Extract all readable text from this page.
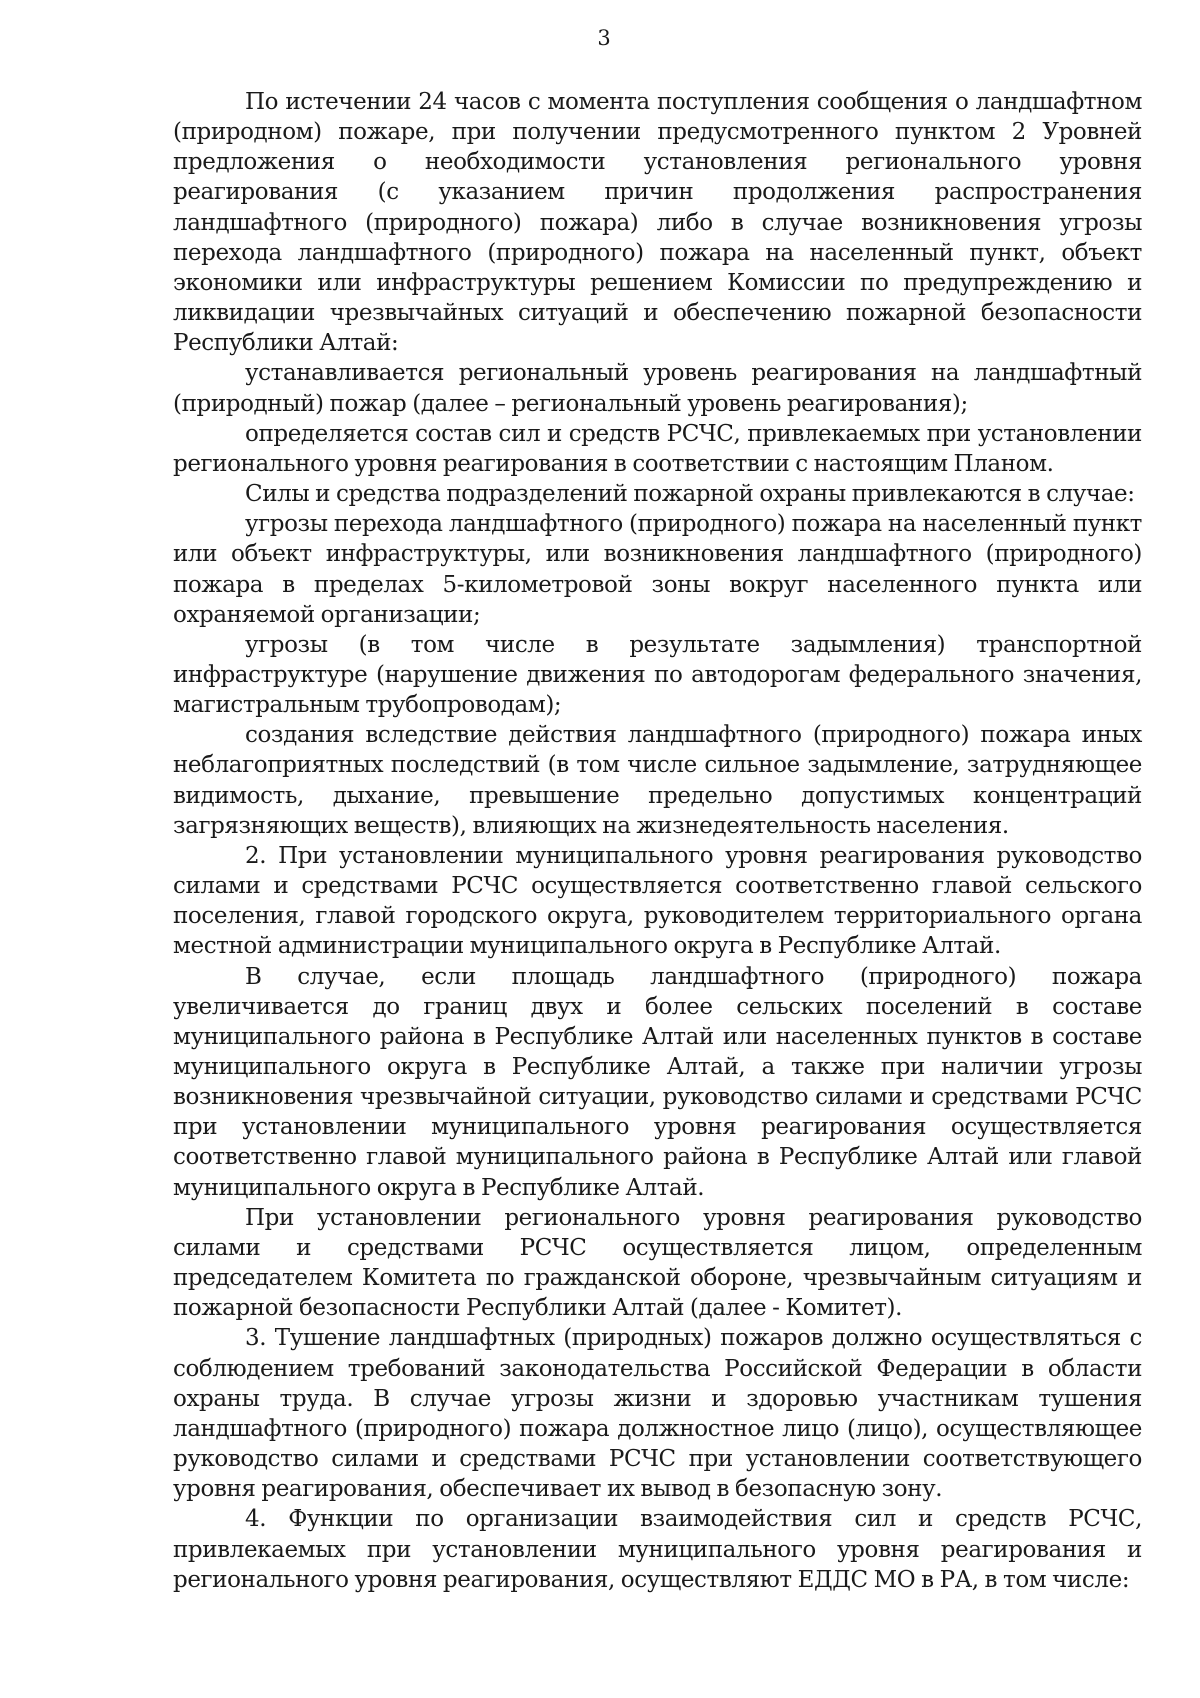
3

По истечении 24 часов с момента поступления сообщения о ландшафтном (природном) пожаре, при получении предусмотренного пунктом 2 Уровней предложения о необходимости установления регионального уровня реагирования (с указанием причин продолжения распространения ландшафтного (природного) пожара) либо в случае возникновения угрозы перехода ландшафтного (природного) пожара на населенный пункт, объект экономики или инфраструктуры решением Комиссии по предупреждению и ликвидации чрезвычайных ситуаций и обеспечению пожарной безопасности Республики Алтай:

устанавливается региональный уровень реагирования на ландшафтный (природный) пожар (далее – региональный уровень реагирования);

определяется состав сил и средств РСЧС, привлекаемых при установлении регионального уровня реагирования в соответствии с настоящим Планом.

Силы и средства подразделений пожарной охраны привлекаются в случае:

угрозы перехода ландшафтного (природного) пожара на населенный пункт или объект инфраструктуры, или возникновения ландшафтного (природного) пожара в пределах 5-километровой зоны вокруг населенного пункта или охраняемой организации;

угрозы (в том числе в результате задымления) транспортной инфраструктуре (нарушение движения по автодорогам федерального значения, магистральным трубопроводам);

создания вследствие действия ландшафтного (природного) пожара иных неблагоприятных последствий (в том числе сильное задымление, затрудняющее видимость, дыхание, превышение предельно допустимых концентраций загрязняющих веществ), влияющих на жизнедеятельность населения.

2. При установлении муниципального уровня реагирования руководство силами и средствами РСЧС осуществляется соответственно главой сельского поселения, главой городского округа, руководителем территориального органа местной администрации муниципального округа в Республике Алтай.

В случае, если площадь ландшафтного (природного) пожара увеличивается до границ двух и более сельских поселений в составе муниципального района в Республике Алтай или населенных пунктов в составе муниципального округа в Республике Алтай, а также при наличии угрозы возникновения чрезвычайной ситуации, руководство силами и средствами РСЧС при установлении муниципального уровня реагирования осуществляется соответственно главой муниципального района в Республике Алтай или главой муниципального округа в Республике Алтай.

При установлении регионального уровня реагирования руководство силами и средствами РСЧС осуществляется лицом, определенным председателем Комитета по гражданской обороне, чрезвычайным ситуациям и пожарной безопасности Республики Алтай (далее - Комитет).

3. Тушение ландшафтных (природных) пожаров должно осуществляться с соблюдением требований законодательства Российской Федерации в области охраны труда. В случае угрозы жизни и здоровью участникам тушения ландшафтного (природного) пожара должностное лицо (лицо), осуществляющее руководство силами и средствами РСЧС при установлении соответствующего уровня реагирования, обеспечивает их вывод в безопасную зону.

4. Функции по организации взаимодействия сил и средств РСЧС, привлекаемых при установлении муниципального уровня реагирования и регионального уровня реагирования, осуществляют ЕДДС МО в РА, в том числе:
